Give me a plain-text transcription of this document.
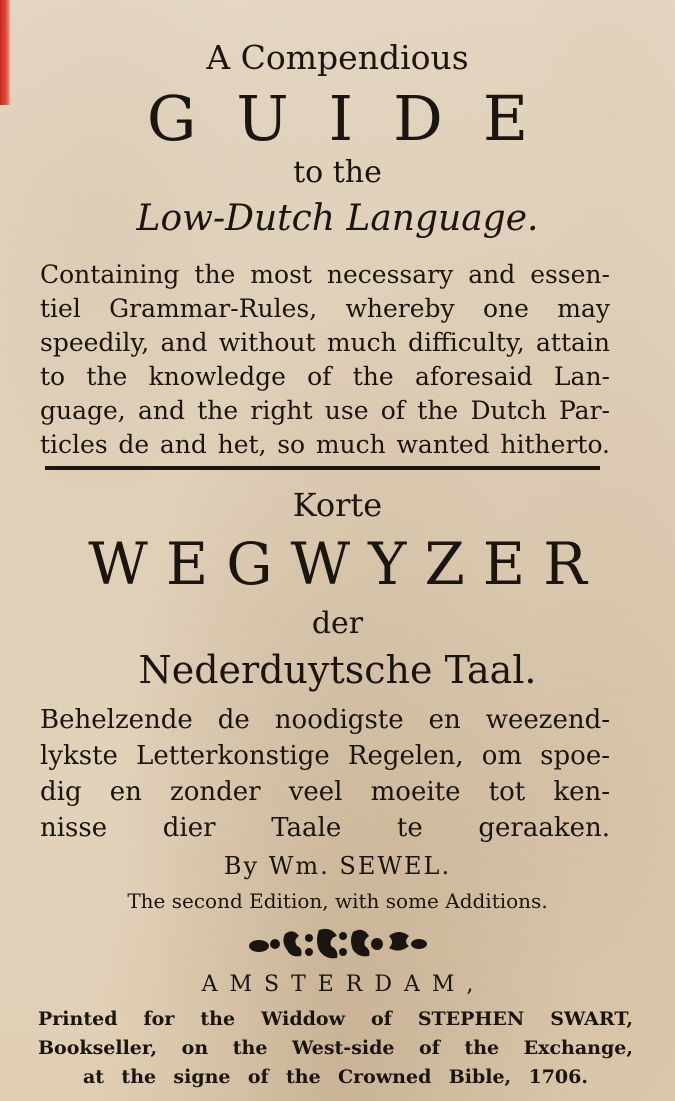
A Compendious
GUIDE
to the
Low-Dutch Language.
Containing the most necessary and essen-
tiel Grammar-Rules, whereby one may
speedily, and without much difficulty, attain
to the knowledge of the aforesaid Lan-
guage, and the right use of the Dutch Par-
ticles de and het, so much wanted hitherto.
Korte
WEGWYZER
der
Nederduytsche Taal.
Behelzende de noodigste en weezend-
lykste Letterkonstige Regelen, om spoe-
dig en zonder veel moeite tot ken-
nisse dier Taale te geraaken.
By Wm. SEWEL.
The second Edition, with some Additions.
AMSTERDAM,
Printed for the Widdow of STEPHEN SWART,
Bookseller, on the West-side of the Exchange,
at the signe of the Crowned Bible, 1706.
